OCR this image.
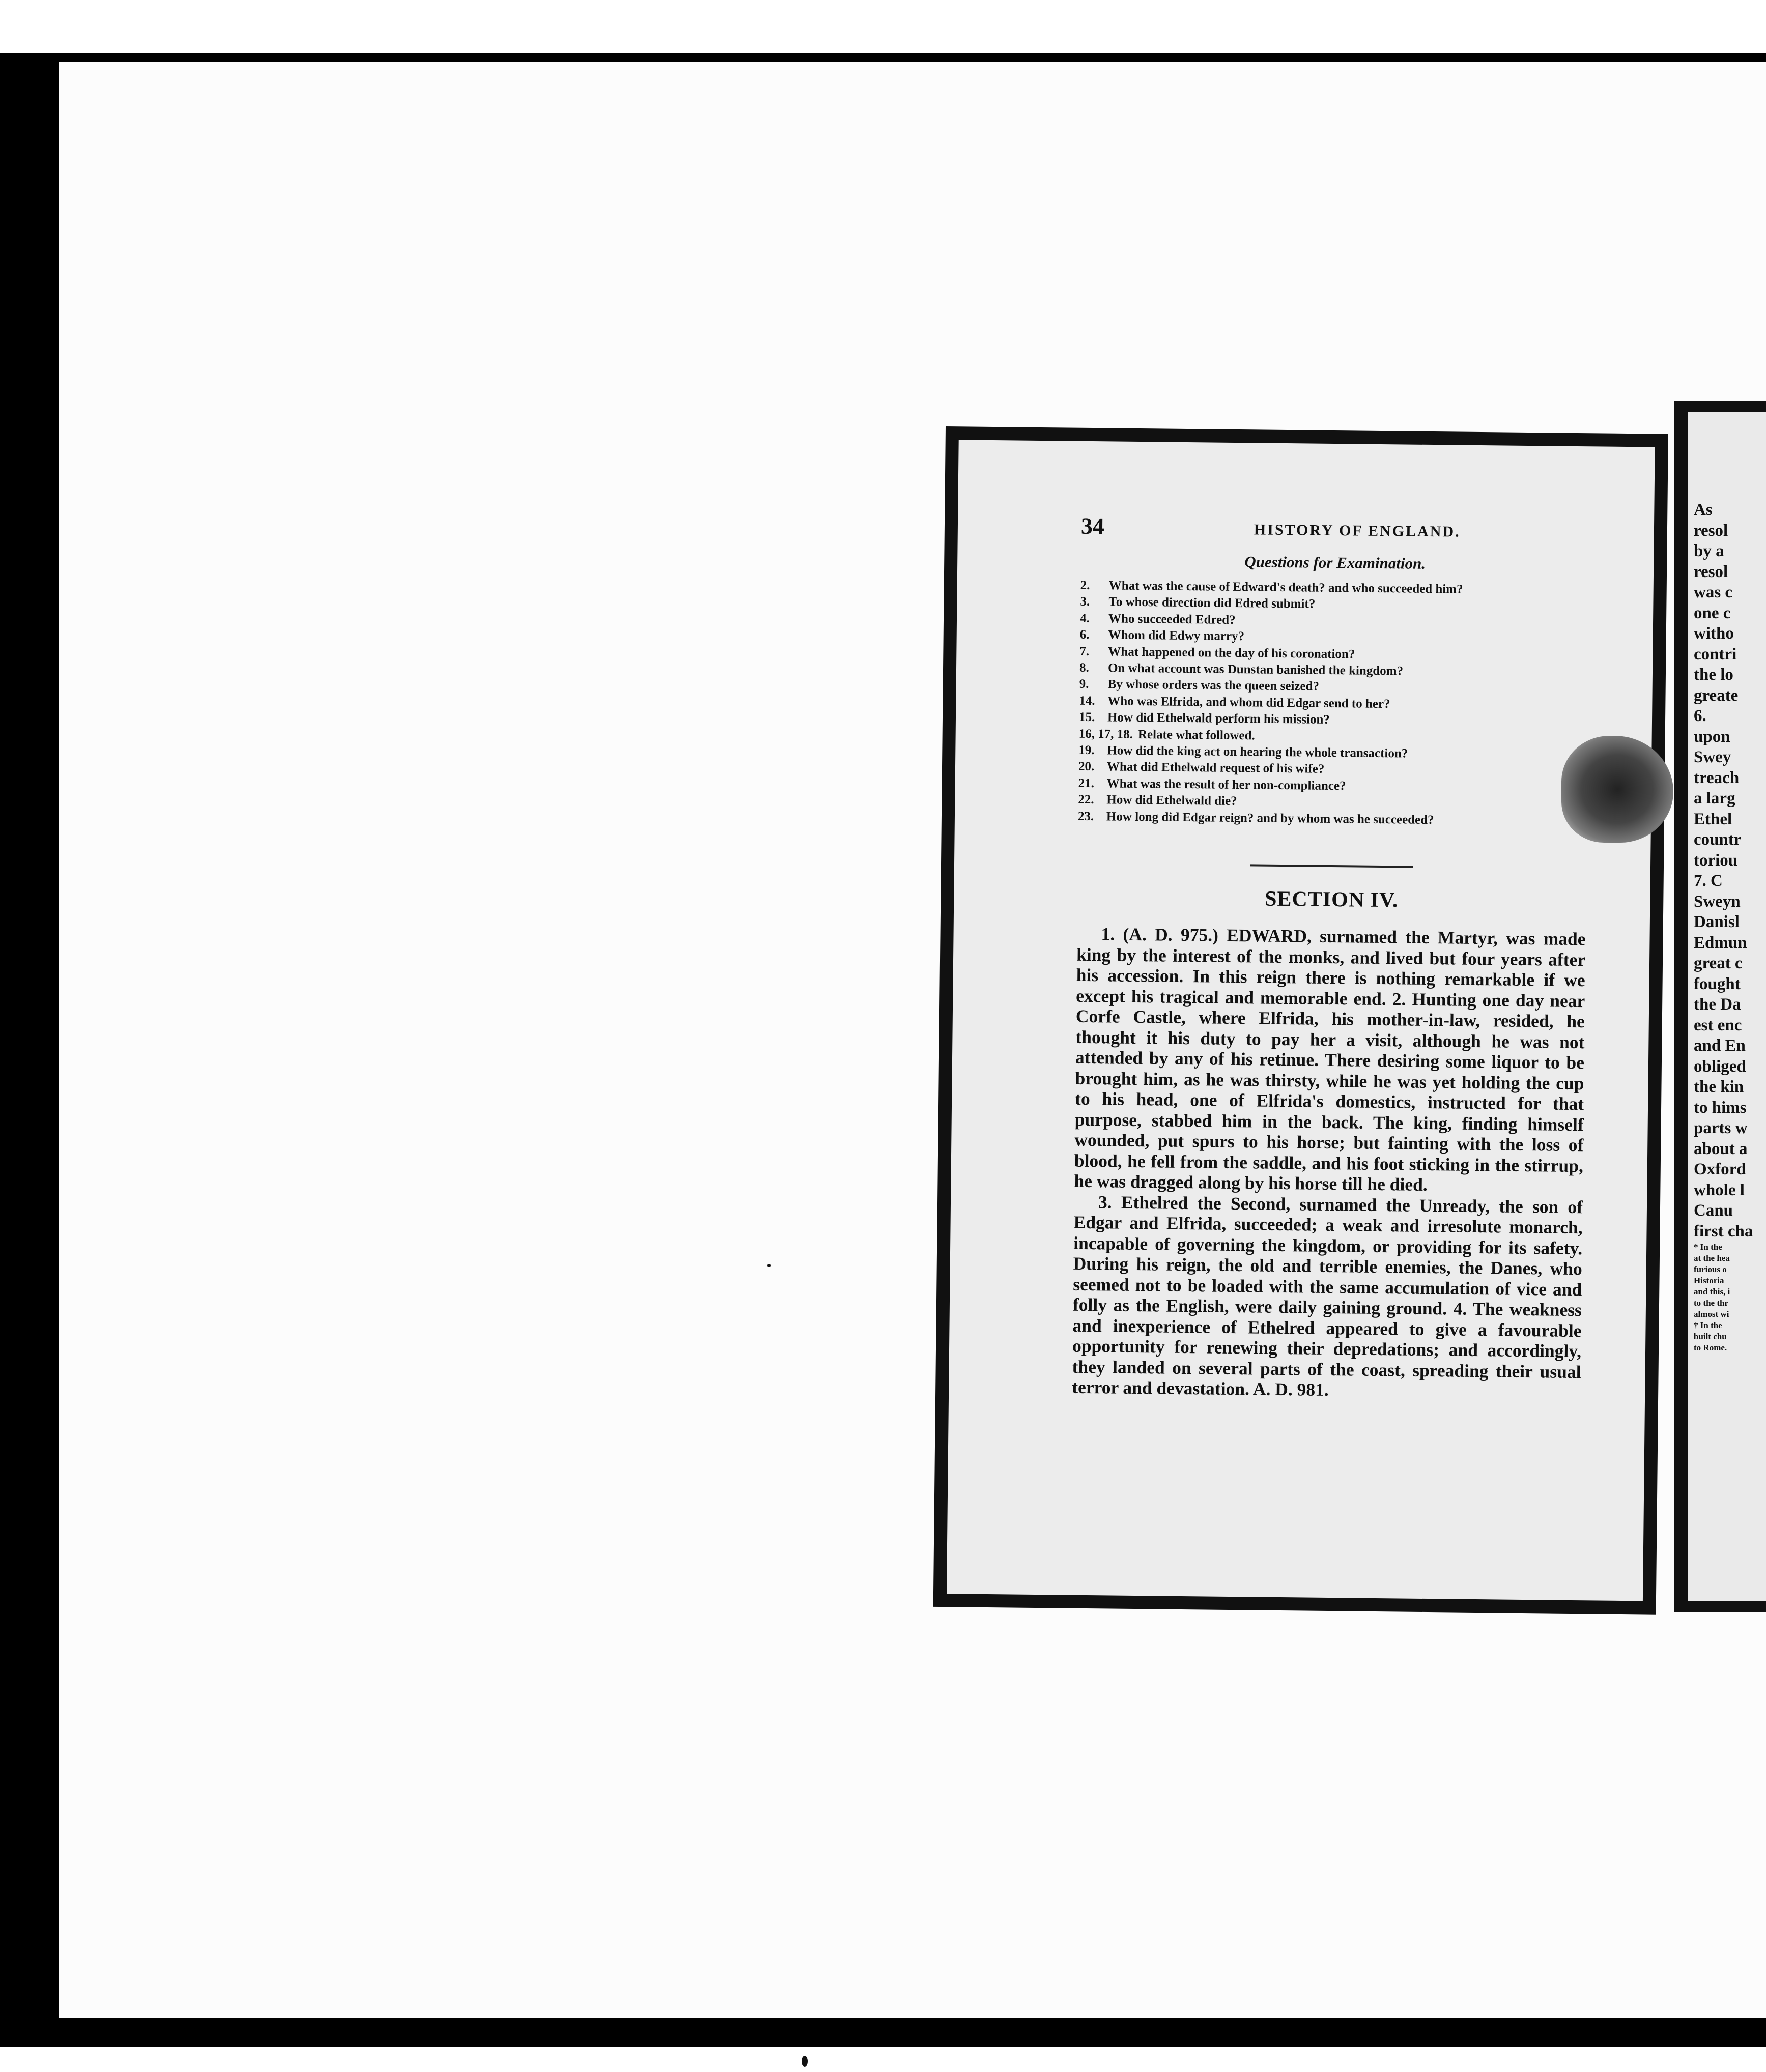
34	HISTORY OF ENGLAND.
Questions for Examination.
2.	What was the cause of Edward's death? and who succeeded him?
3.	To whose direction did Edred submit?
4.	Who succeeded Edred?
6.	Whom did Edwy marry?
7.	What happened on the day of his coronation?
8.	On what account was Dunstan banished the kingdom?
9.	By whose orders was the queen seized?
14. Who was Elfrida, and whom did Edgar send to her?
15. How did Ethelwald perform his mission?
16, 17, 18. Relate what followed.
19. How did the king act on hearing the whole transaction?
20. What did Ethelwald request of his wife?
21. What was the result of her non-compliance?
22. How did Ethelwald die?
23. How long did Edgar reign? and by whom was he succeeded?
SECTION IV.

1. (A. D. 975.) EDWARD, surnamed the Martyr, was made king by the interest of the monks, and lived but four years after his accession. In this reign there is nothing remarkable if we except his tragical and memorable end. 2. Hunting one day near Corfe Castle, where Elfrida, his mother-in-law, resided, he thought it his duty to pay her a visit, although he was not attended by any of his retinue. There desiring some liquor to be brought him, as he was thirsty, while he was yet holding the cup to his head, one of Elfrida's domestics, instructed for that purpose, stabbed him in the back. The king, finding himself wounded, put spurs to his horse; but fainting with the loss of blood, he fell from the saddle, and his foot sticking in the stirrup, he was dragged along by his horse till he died.

3. Ethelred the Second, surnamed the Unready, the son of Edgar and Elfrida, succeeded; a weak and irresolute monarch, incapable of governing the kingdom, or providing for its safety. During his reign, the old and terrible enemies, the Danes, who seemed not to be loaded with the same accumulation of vice and folly as the English, were daily gaining ground. 4. The weakness and inexperience of Ethelred appeared to give a favourable opportunity for renewing their depredations; and accordingly, they landed on several parts of the coast, spreading their usual terror and devastation. A. D. 981.

As
resol
by a
resol
was c
one c
witho
contri
the lo
greate
6.
upon
Swey
treach
a larg
Ethel
countr
toriou
7. C
Sweyn
Danisl
Edmun
great c
fought
the Da
est enc
and En
obliged
the kin
to hims
parts w
about a
Oxford
whole l
Canu
first cha
* In the
at the hea
furious o
Historia
and this, i
to the thr
almost wi
† In the
built chu
to Rome.
